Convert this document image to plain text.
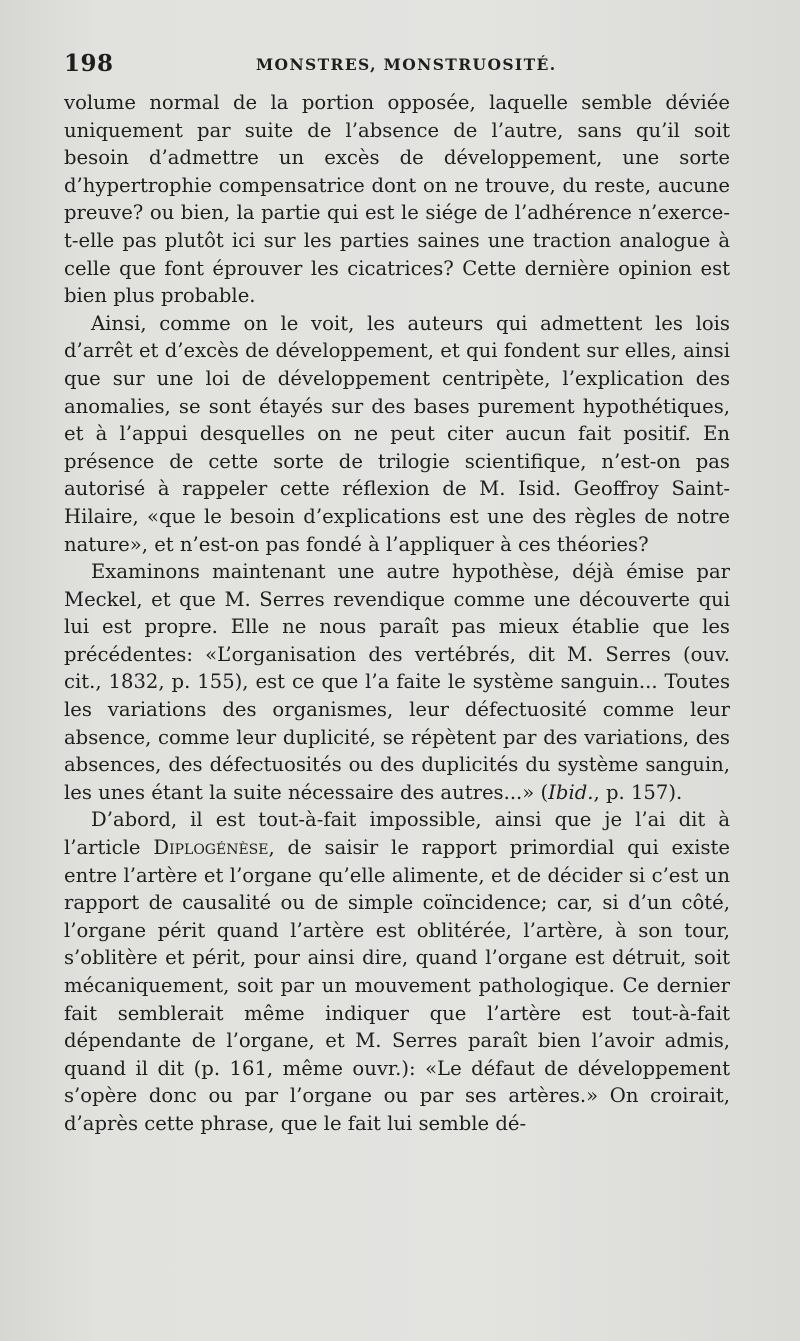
198	MONSTRES, MONSTRUOSITÉ.

volume normal de la portion opposée, laquelle semble déviée uniquement par suite de l’absence de l’autre, sans qu’il soit besoin d’admettre un excès de développement, une sorte d’hypertrophie compensatrice dont on ne trouve, du reste, aucune preuve? ou bien, la partie qui est le siége de l’adhérence n’exerce-t-elle pas plutôt ici sur les parties saines une traction analogue à celle que font éprouver les cicatrices? Cette dernière opinion est bien plus probable.

Ainsi, comme on le voit, les auteurs qui admettent les lois d’arrêt et d’excès de développement, et qui fondent sur elles, ainsi que sur une loi de développement centripète, l’explication des anomalies, se sont étayés sur des bases purement hypothétiques, et à l’appui desquelles on ne peut citer aucun fait positif. En présence de cette sorte de trilogie scientifique, n’est-on pas autorisé à rappeler cette réflexion de M. Isid. Geoffroy Saint-Hilaire, «que le besoin d’explications est une des règles de notre nature», et n’est-on pas fondé à l’appliquer à ces théories?

Examinons maintenant une autre hypothèse, déjà émise par Meckel, et que M. Serres revendique comme une découverte qui lui est propre. Elle ne nous paraît pas mieux établie que les précédentes: «L’organisation des vertébrés, dit M. Serres (ouv. cit., 1832, p. 155), est ce que l’a faite le système sanguin... Toutes les variations des organismes, leur défectuosité comme leur absence, comme leur duplicité, se répètent par des variations, des absences, des défectuosités ou des duplicités du système sanguin, les unes étant la suite nécessaire des autres...» (Ibid., p. 157).

D’abord, il est tout-à-fait impossible, ainsi que je l’ai dit à l’article Diplogénèse, de saisir le rapport primordial qui existe entre l’artère et l’organe qu’elle alimente, et de décider si c’est un rapport de causalité ou de simple coïncidence; car, si d’un côté, l’organe périt quand l’artère est oblitérée, l’artère, à son tour, s’oblitère et périt, pour ainsi dire, quand l’organe est détruit, soit mécaniquement, soit par un mouvement pathologique. Ce dernier fait semblerait même indiquer que l’artère est tout-à-fait dépendante de l’organe, et M. Serres paraît bien l’avoir admis, quand il dit (p. 161, même ouvr.): «Le défaut de développement s’opère donc ou par l’organe ou par ses artères.» On croirait, d’après cette phrase, que le fait lui semble dé-
